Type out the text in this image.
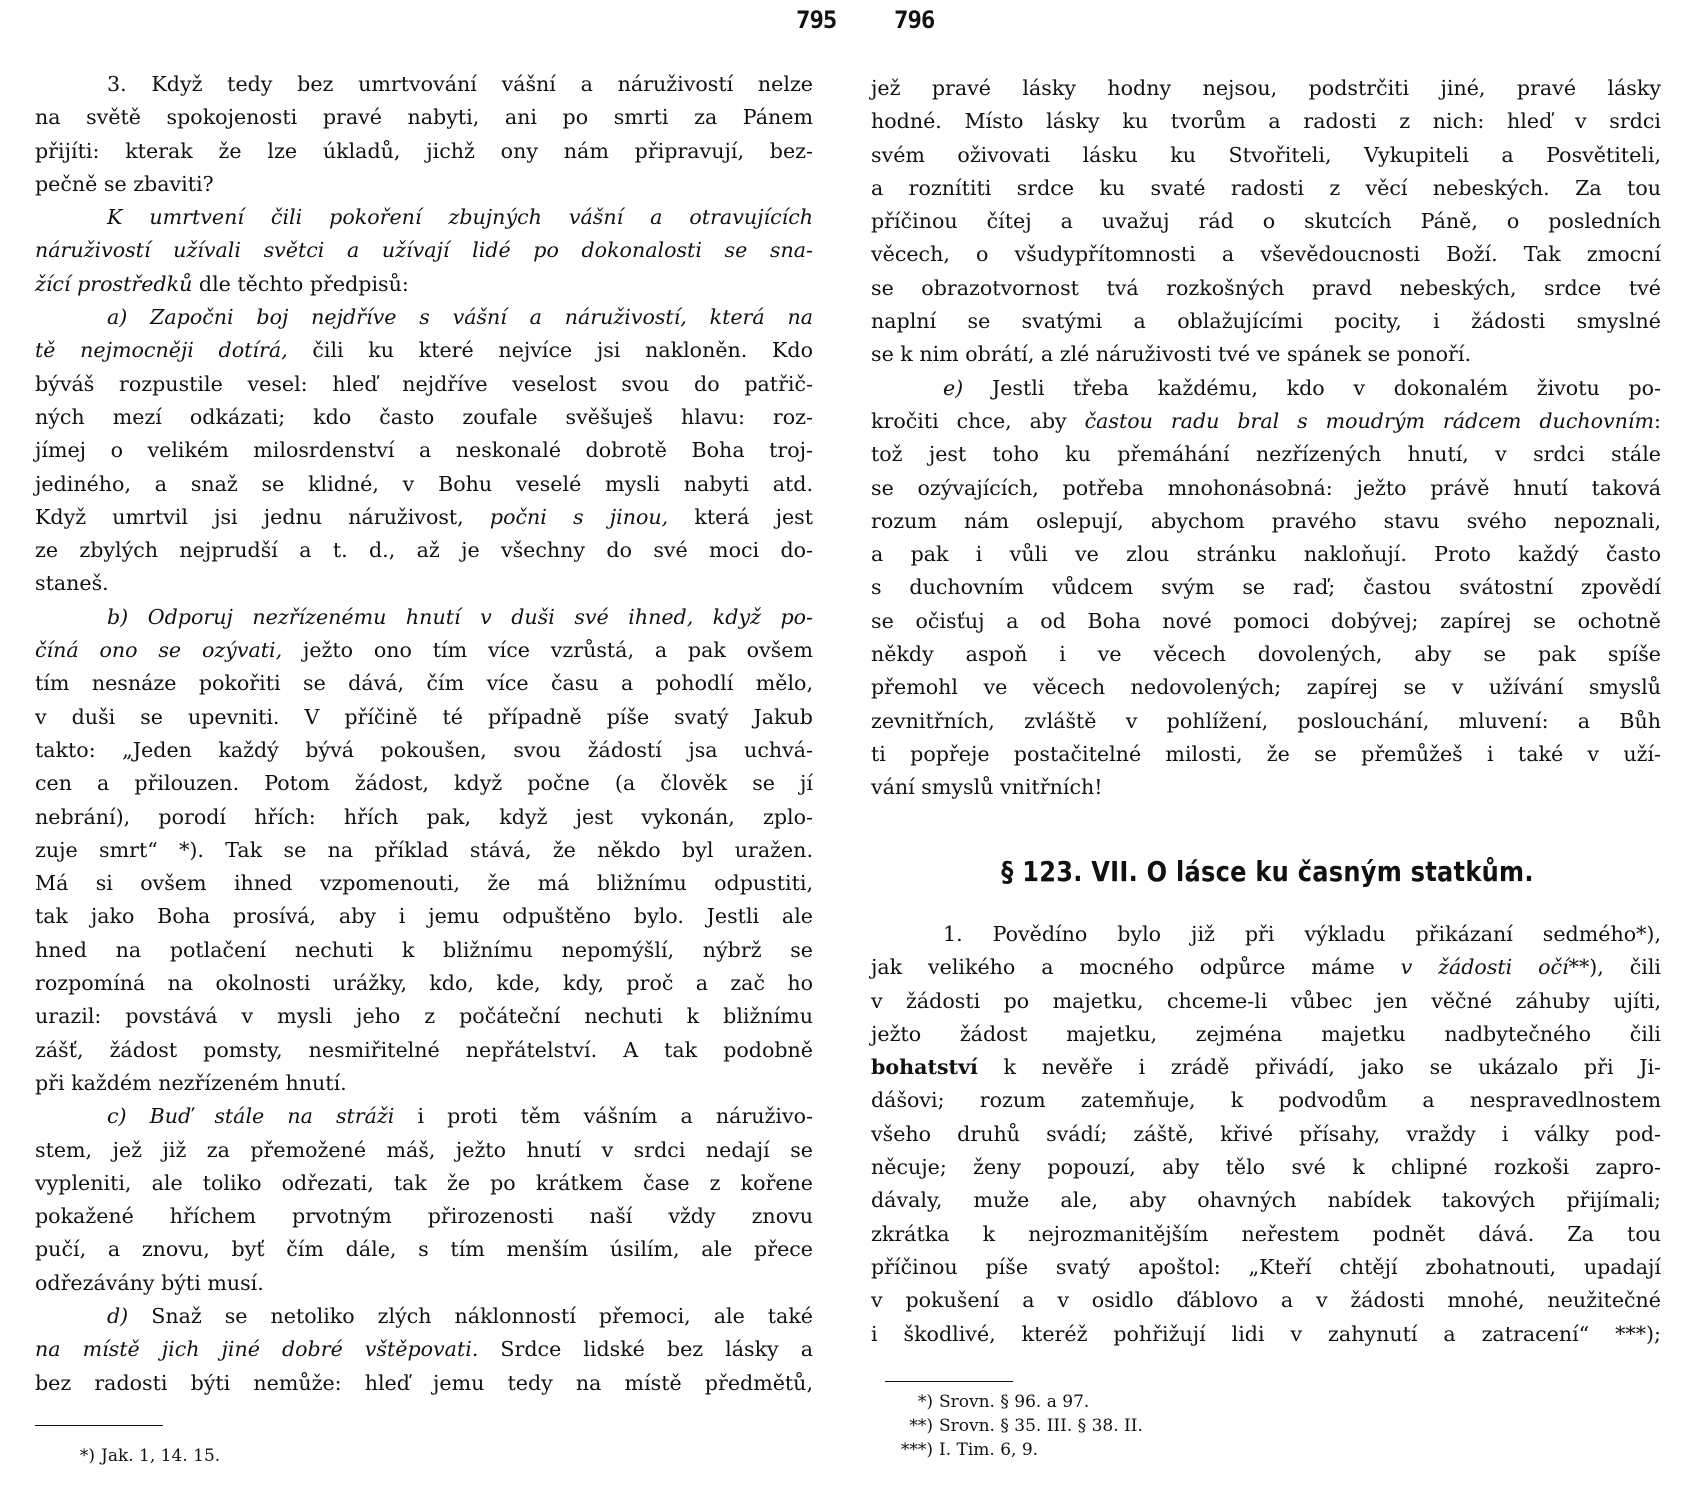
795
3. Když tedy bez umrtvování vášní a náruživostí nelze
na světě spokojenosti pravé nabyti, ani po smrti za Pánem
přijíti: kterak že lze úkladů, jichž ony nám připravují, bez-
pečně se zbaviti?
K umrtvení čili pokoření zbujných vášní a otravujících
náruživostí užívali světci a užívají lidé po dokonalosti se sna-
žící prostředků dle těchto předpisů:
a) Započni boj nejdříve s vášní a náruživostí, která na
tě nejmocněji dotírá, čili ku které nejvíce jsi nakloněn. Kdo
býváš rozpustile vesel: hleď nejdříve veselost svou do patřič-
ných mezí odkázati; kdo často zoufale svěšuješ hlavu: roz-
jímej o velikém milosrdenství a neskonalé dobrotě Boha troj-
jediného, a snaž se klidné, v Bohu veselé mysli nabyti atd.
Když umrtvil jsi jednu náruživost, počni s jinou, která jest
ze zbylých nejprudší a t. d., až je všechny do své moci do-
staneš.
b) Odporuj nezřízenému hnutí v duši své ihned, když po-
číná ono se ozývati, ježto ono tím více vzrůstá, a pak ovšem
tím nesnáze pokořiti se dává, čím více času a pohodlí mělo,
v duši se upevniti. V příčině té případně píše svatý Jakub
takto: „Jeden každý bývá pokoušen, svou žádostí jsa uchvá-
cen a přilouzen. Potom žádost, když počne (a člověk se jí
nebrání), porodí hřích: hřích pak, když jest vykonán, zplo-
zuje smrt“ *). Tak se na příklad stává, že někdo byl uražen.
Má si ovšem ihned vzpomenouti, že má bližnímu odpustiti,
tak jako Boha prosívá, aby i jemu odpuštěno bylo. Jestli ale
hned na potlačení nechuti k bližnímu nepomýšlí, nýbrž se
rozpomíná na okolnosti urážky, kdo, kde, kdy, proč a zač ho
urazil: povstává v mysli jeho z počáteční nechuti k bližnímu
zášť, žádost pomsty, nesmiřitelné nepřátelství. A tak podobně
při každém nezřízeném hnutí.
c) Buď stále na stráži i proti těm vášním a náruživo-
stem, jež již za přemožené máš, ježto hnutí v srdci nedají se
vypleniti, ale toliko odřezati, tak že po krátkem čase z kořene
pokažené hříchem prvotným přirozenosti naší vždy znovu
pučí, a znovu, byť čím dále, s tím menším úsilím, ale přece
odřezávány býti musí.
d) Snaž se netoliko zlých náklonností přemoci, ale také
na místě jich jiné dobré vštěpovati. Srdce lidské bez lásky a
bez radosti býti nemůže: hleď jemu tedy na místě předmětů,
*) Jak. 1, 14. 15.
796
jež pravé lásky hodny nejsou, podstrčiti jiné, pravé lásky
hodné. Místo lásky ku tvorům a radosti z nich: hleď v srdci
svém oživovati lásku ku Stvořiteli, Vykupiteli a Posvětiteli,
a roznítiti srdce ku svaté radosti z věcí nebeských. Za tou
příčinou čítej a uvažuj rád o skutcích Páně, o posledních
věcech, o všudypřítomnosti a vševědoucnosti Boží. Tak zmocní
se obrazotvornost tvá rozkošných pravd nebeských, srdce tvé
naplní se svatými a oblažujícími pocity, i žádosti smyslné
se k nim obrátí, a zlé náruživosti tvé ve spánek se ponoří.
e) Jestli třeba každému, kdo v dokonalém životu po-
kročiti chce, aby častou radu bral s moudrým rádcem duchovním:
tož jest toho ku přemáhání nezřízených hnutí, v srdci stále
se ozývajících, potřeba mnohonásobná: ježto právě hnutí taková
rozum nám oslepují, abychom pravého stavu svého nepoznali,
a pak i vůli ve zlou stránku nakloňují. Proto každý často
s duchovním vůdcem svým se raď; častou svátostní zpovědí
se očisťuj a od Boha nové pomoci dobývej; zapírej se ochotně
někdy aspoň i ve věcech dovolených, aby se pak spíše
přemohl ve věcech nedovolených; zapírej se v užívání smyslů
zevnitřních, zvláště v pohlížení, poslouchání, mluvení: a Bůh
ti popřeje postačitelné milosti, že se přemůžeš i také v uží-
vání smyslů vnitřních!
§ 123. VII. O lásce ku časným statkům.
1. Povědíno bylo již při výkladu přikázaní sedmého*),
jak velikého a mocného odpůrce máme v žádosti očí**), čili
v žádosti po majetku, chceme-li vůbec jen věčné záhuby ujíti,
ježto žádost majetku, zejména majetku nadbytečného čili
bohatství k nevěře i zrádě přivádí, jako se ukázalo při Ji-
dášovi; rozum zatemňuje, k podvodům a nespravedlnostem
všeho druhů svádí; záště, křivé přísahy, vraždy i války pod-
něcuje; ženy popouzí, aby tělo své k chlipné rozkoši zapro-
dávaly, muže ale, aby ohavných nabídek takových přijímali;
zkrátka k nejrozmanitějším neřestem podnět dává. Za tou
příčinou píše svatý apoštol: „Kteří chtějí zbohatnouti, upadají
v pokušení a v osidlo ďáblovo a v žádosti mnohé, neužitečné
i škodlivé, kteréž pohřižují lidi v zahynutí a zatracení“ ***);
*) Srovn. § 96. a 97.
**) Srovn. § 35. III. § 38. II.
***) I. Tim. 6, 9.
